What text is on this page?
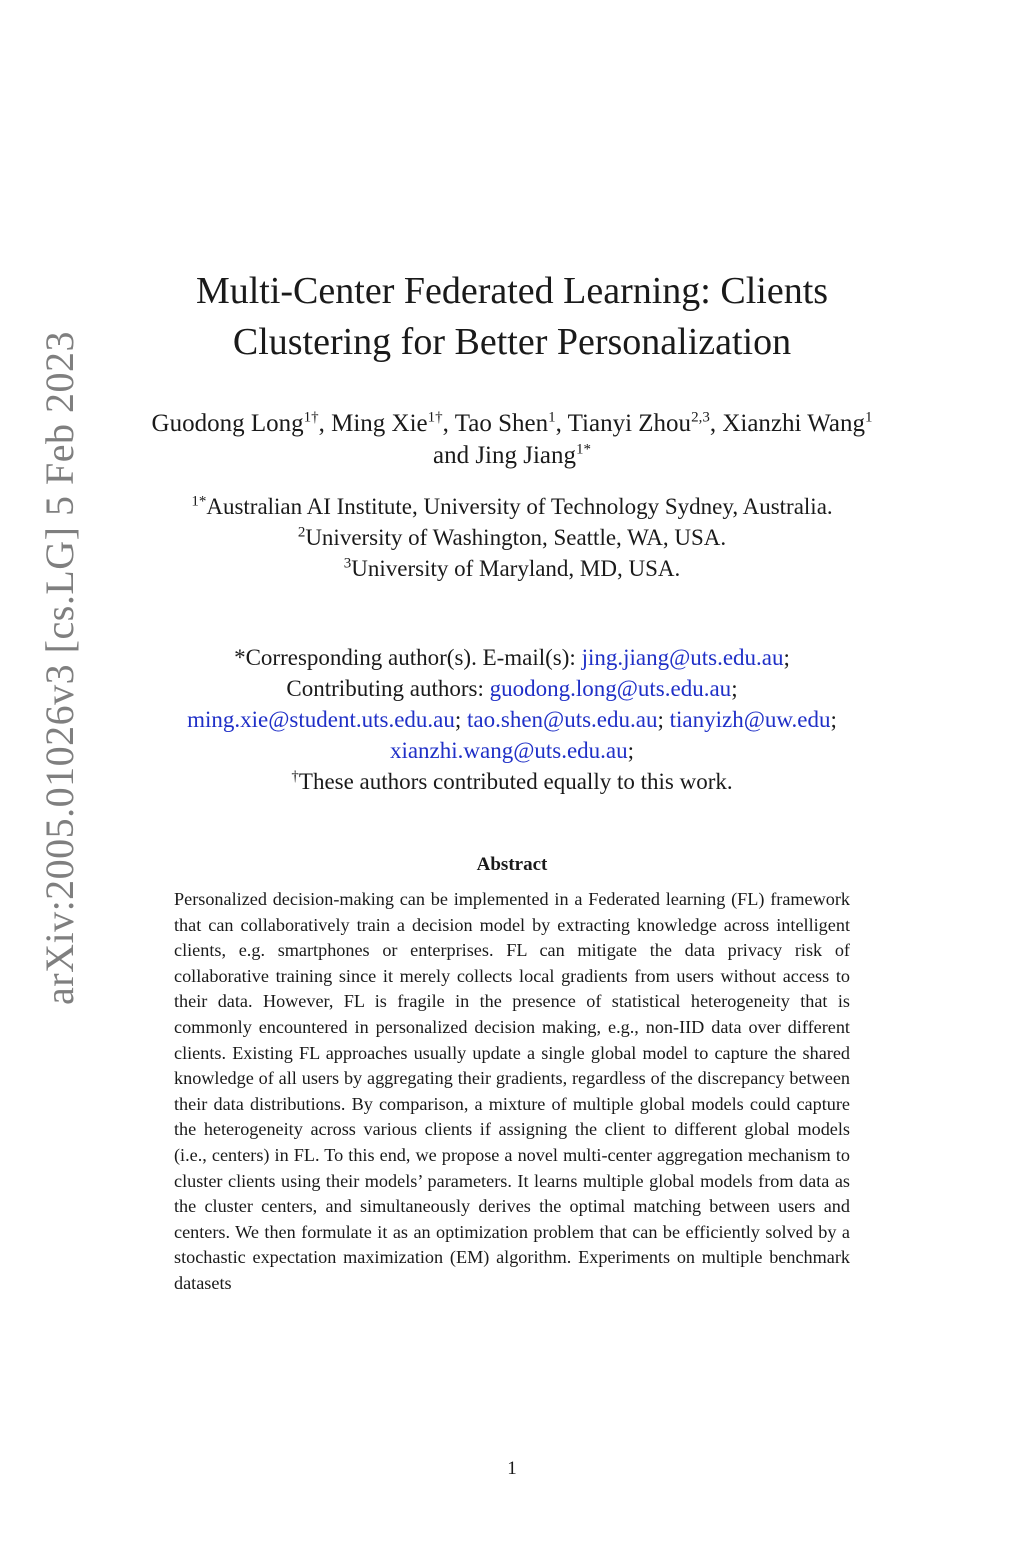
arXiv:2005.01026v3 [cs.LG] 5 Feb 2023
Multi-Center Federated Learning: Clients
Clustering for Better Personalization
Guodong Long$^{1\dagger}$, Ming Xie$^{1\dagger}$, Tao Shen$^1$, Tianyi Zhou$^{2,3}$, Xianzhi Wang$^1$ and Jing Jiang$^{1*}$
$^{1*}$Australian AI Institute, University of Technology Sydney, Australia.
$^2$University of Washington, Seattle, WA, USA.
$^3$University of Maryland, MD, USA.
*Corresponding author(s). E-mail(s): jing.jiang@uts.edu.au;
Contributing authors: guodong.long@uts.edu.au;
ming.xie@student.uts.edu.au; tao.shen@uts.edu.au; tianyizh@uw.edu;
xianzhi.wang@uts.edu.au;
†These authors contributed equally to this work.
Abstract

Personalized decision-making can be implemented in a Federated learning (FL) framework that can collaboratively train a decision model by extracting knowledge across intelligent clients, e.g. smartphones or enterprises. FL can mitigate the data privacy risk of collaborative training since it merely collects local gradients from users without access to their data. However, FL is fragile in the presence of statistical heterogeneity that is commonly encountered in personalized decision making, e.g., non-IID data over different clients. Existing FL approaches usually update a single global model to capture the shared knowledge of all users by aggregating their gradients, regardless of the discrepancy between their data distributions. By comparison, a mixture of multiple global models could capture the heterogeneity across various clients if assigning the client to different global models (i.e., centers) in FL. To this end, we propose a novel multi-center aggregation mechanism to cluster clients using their models’ parameters. It learns multiple global models from data as the cluster centers, and simultaneously derives the optimal matching between users and centers. We then formulate it as an optimization problem that can be efficiently solved by a stochastic expectation maximization (EM) algorithm. Experiments on multiple benchmark datasets

1
